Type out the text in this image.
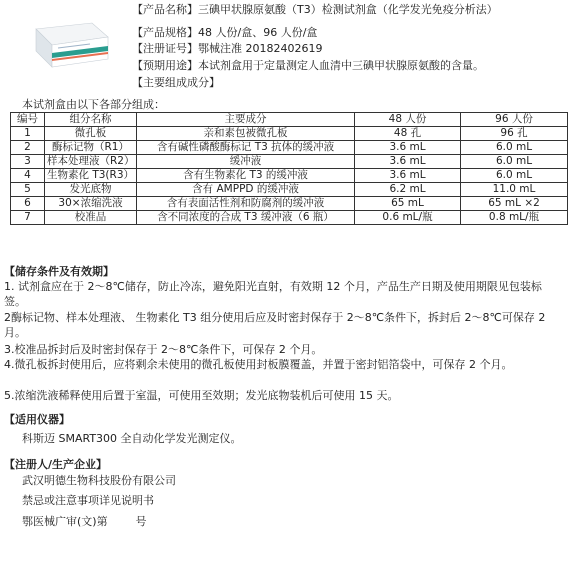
【产品名称】三碘甲状腺原氨酸（T3）检测试剂盒（化学发光免疫分析法）
【产品规格】48 人份/盒、96 人份/盒
【注册证号】鄂械注准 20182402619
【预期用途】本试剂盒用于定量测定人血清中三碘甲状腺原氨酸的含量。
【主要组成成分】
本试剂盒由以下各部分组成：
编号	组分名称	主要成分	48 人份	96 人份
1	微孔板	亲和素包被微孔板	48 孔	96 孔
2	酶标记物（R1）	含有碱性磷酸酶标记 T3 抗体的缓冲液	3.6 mL	6.0 mL
3	样本处理液（R2）	缓冲液	3.6 mL	6.0 mL
4	生物素化 T3(R3）	含有生物素化 T3 的缓冲液	3.6 mL	6.0 mL
5	发光底物	含有 AMPPD 的缓冲液	6.2 mL	11.0 mL
6	30×浓缩洗液	含有表面活性剂和防腐剂的缓冲液	65 mL	65 mL ×2
7	校准品	含不同浓度的合成 T3 缓冲液（6 瓶）	0.6 mL/瓶	0.8 mL/瓶
【储存条件及有效期】
1. 试剂盒应在于 2～8℃储存，防止冷冻，避免阳光直射，有效期 12 个月，产品生产日期及使用期限见包装标签。
2酶标记物、样本处理液、 生物素化 T3 组分使用后应及时密封保存于 2～8℃条件下，拆封后 2～8℃可保存 2 月。
3.校准品拆封后及时密封保存于 2～8℃条件下，可保存 2 个月。
4.微孔板拆封使用后，应将剩余未使用的微孔板使用封板膜覆盖，并置于密封铝箔袋中，可保存 2 个月。
5.浓缩洗液稀释使用后置于室温，可使用至效期；发光底物装机后可使用 15 天。
【适用仪器】
科斯迈 SMART300 全自动化学发光测定仪。
【注册人/生产企业】
武汉明德生物科技股份有限公司
禁忌或注意事项详见说明书
鄂医械广审(文)第        号
